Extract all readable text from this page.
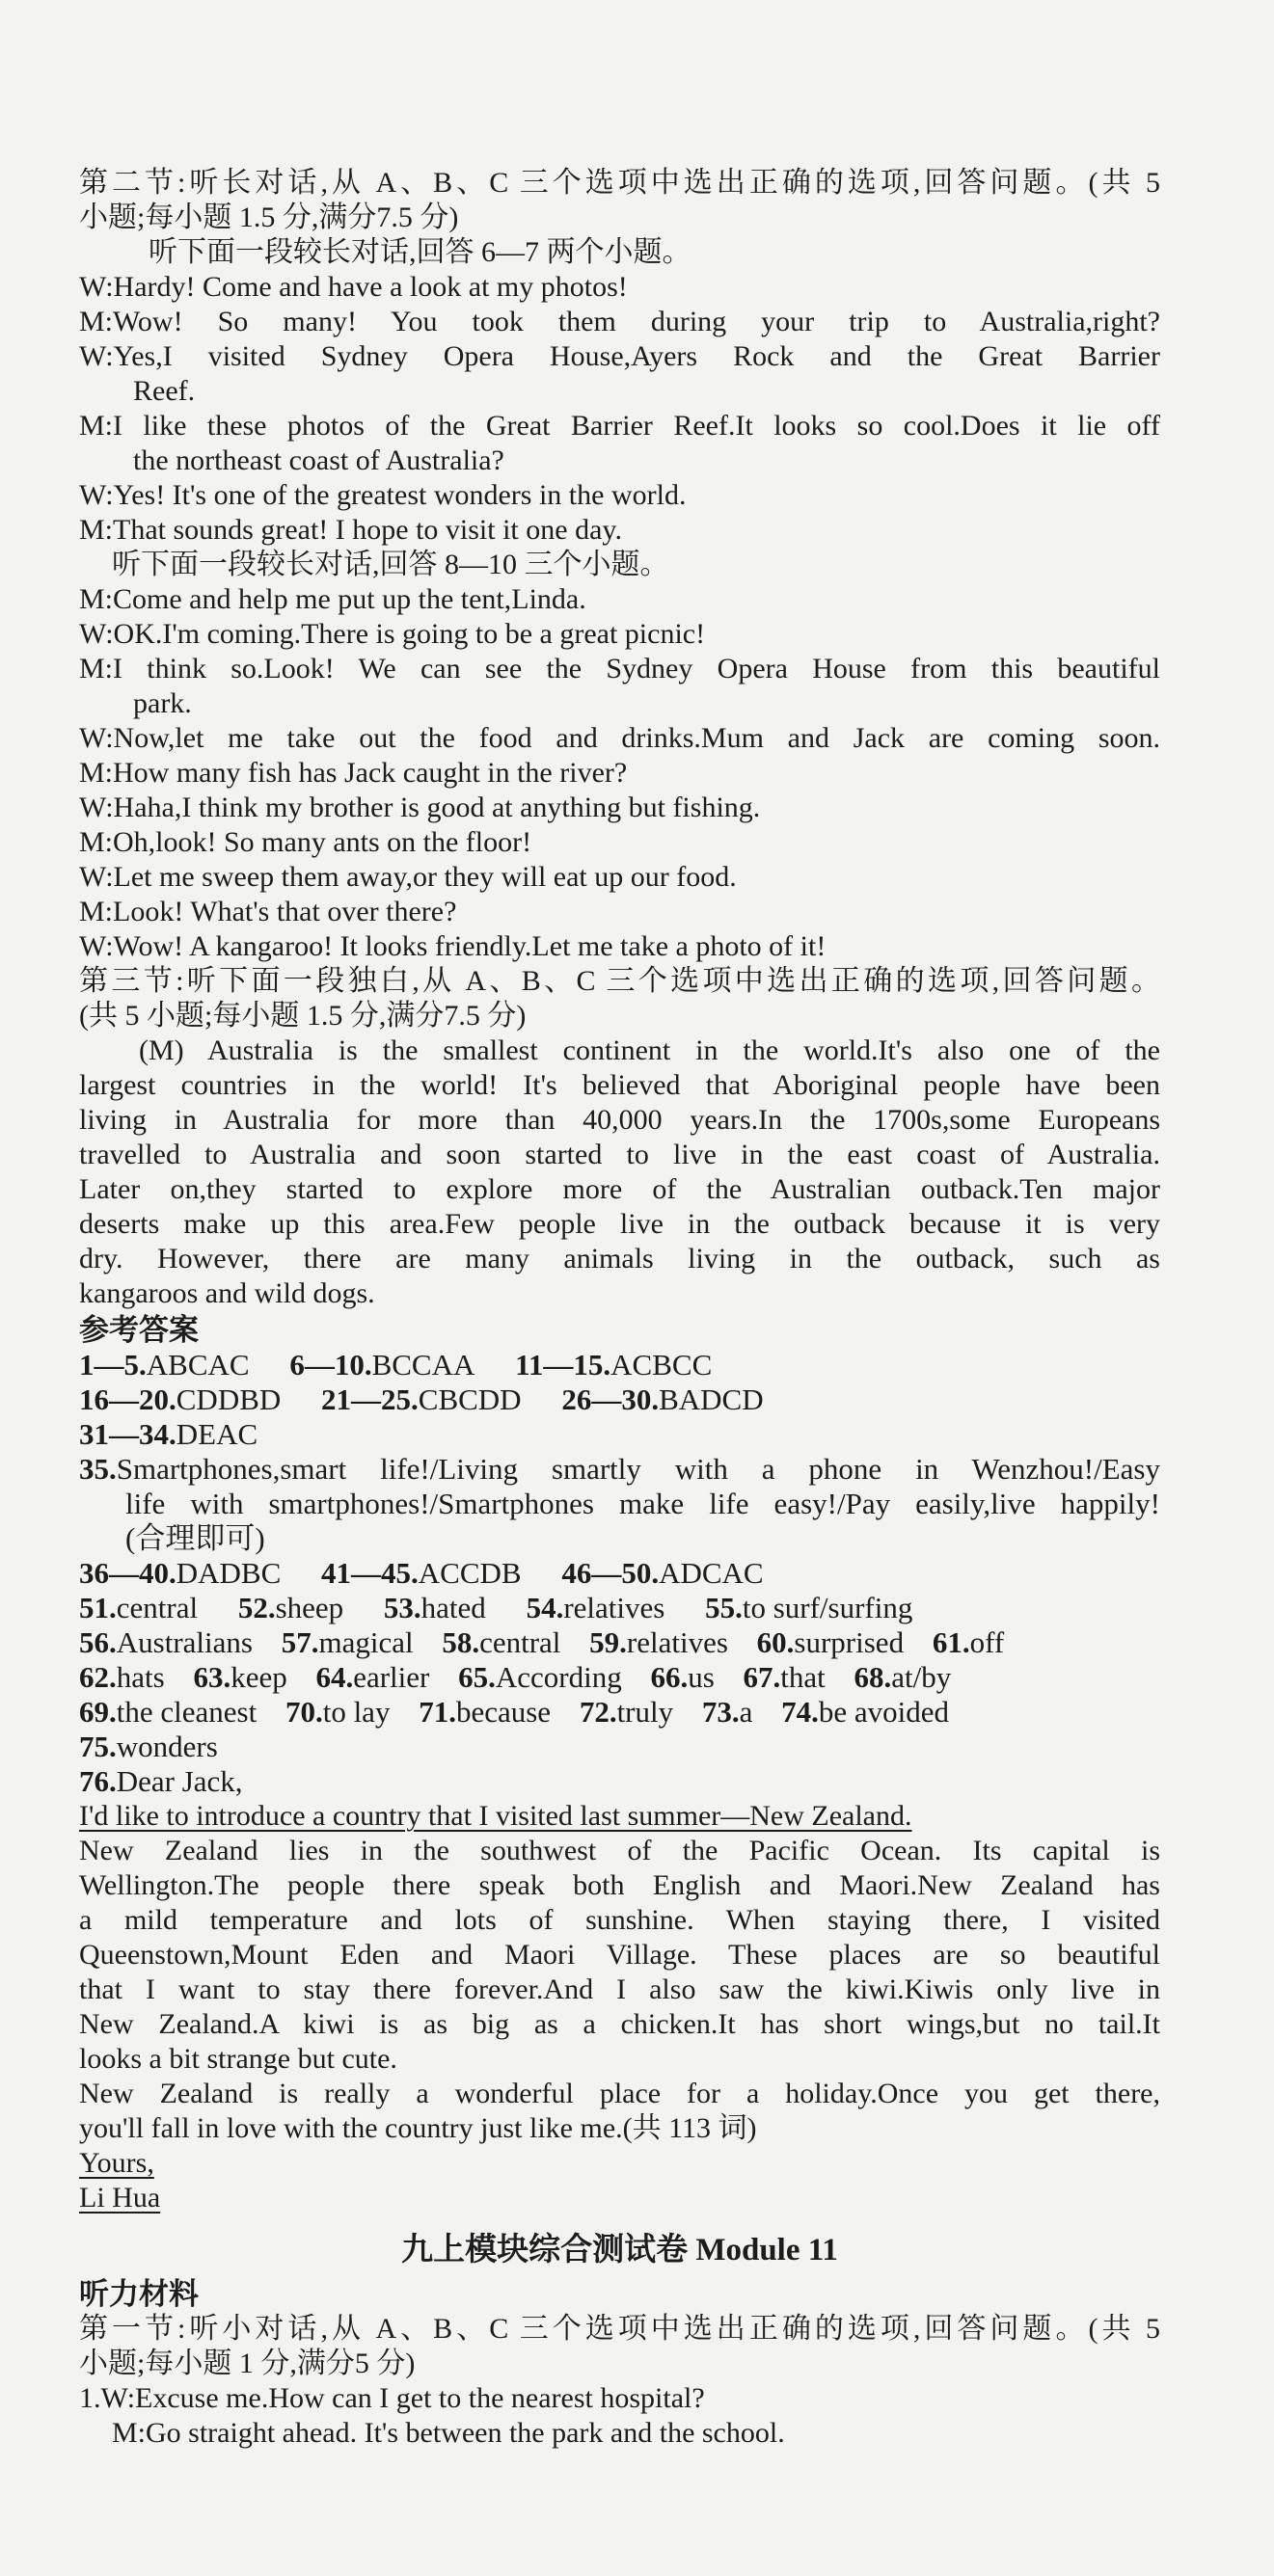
第二节:听长对话,从 A、B、C 三个选项中选出正确的选项,回答问题。(共 5
小题;每小题 1.5 分,满分7.5 分)
听下面一段较长对话,回答 6—7 两个小题。
W:Hardy! Come and have a look at my photos!
M:Wow! So many! You took them during your trip to Australia,right?
W:Yes,I visited Sydney Opera House,Ayers Rock and the Great Barrier
Reef.
M:I like these photos of the Great Barrier Reef.It looks so cool.Does it lie off
the northeast coast of Australia?
W:Yes! It's one of the greatest wonders in the world.
M:That sounds great! I hope to visit it one day.
听下面一段较长对话,回答 8—10 三个小题。
M:Come and help me put up the tent,Linda.
W:OK.I'm coming.There is going to be a great picnic!
M:I think so.Look! We can see the Sydney Opera House from this beautiful
park.
W:Now,let me take out the food and drinks.Mum and Jack are coming soon.
M:How many fish has Jack caught in the river?
W:Haha,I think my brother is good at anything but fishing.
M:Oh,look! So many ants on the floor!
W:Let me sweep them away,or they will eat up our food.
M:Look! What's that over there?
W:Wow! A kangaroo! It looks friendly.Let me take a photo of it!
第三节:听下面一段独白,从 A、B、C 三个选项中选出正确的选项,回答问题。
(共 5 小题;每小题 1.5 分,满分7.5 分)
(M) Australia is the smallest continent in the world.It's also one of the
largest countries in the world! It's believed that Aboriginal people have been
living in Australia for more than 40,000 years.In the 1700s,some Europeans
travelled to Australia and soon started to live in the east coast of Australia.
Later on,they started to explore more of the Australian outback.Ten major
deserts make up this area.Few people live in the outback because it is very
dry. However, there are many animals living in the outback, such as
kangaroos and wild dogs.
参考答案
1—5.ABCAC 6—10.BCCAA 11—15.ACBCC
16—20.CDDBD 21—25.CBCDD 26—30.BADCD
31—34.DEAC
35.Smartphones,smart life!/Living smartly with a phone in Wenzhou!/Easy
life with smartphones!/Smartphones make life easy!/Pay easily,live happily!
(合理即可)
36—40.DADBC 41—45.ACCDB 46—50.ADCAC
51.central 52.sheep 53.hated 54.relatives 55.to surf/surfing
56.Australians 57.magical 58.central 59.relatives 60.surprised 61.off
62.hats 63.keep 64.earlier 65.According 66.us 67.that 68.at/by
69.the cleanest 70.to lay 71.because 72.truly 73.a 74.be avoided
75.wonders
76.Dear Jack,
I'd like to introduce a country that I visited last summer—New Zealand.
New Zealand lies in the southwest of the Pacific Ocean. Its capital is
Wellington.The people there speak both English and Maori.New Zealand has
a mild temperature and lots of sunshine. When staying there, I visited
Queenstown,Mount Eden and Maori Village. These places are so beautiful
that I want to stay there forever.And I also saw the kiwi.Kiwis only live in
New Zealand.A kiwi is as big as a chicken.It has short wings,but no tail.It
looks a bit strange but cute.
New Zealand is really a wonderful place for a holiday.Once you get there,
you'll fall in love with the country just like me.(共 113 词)
Yours,
Li Hua
九上模块综合测试卷 Module 11
听力材料
第一节:听小对话,从 A、B、C 三个选项中选出正确的选项,回答问题。(共 5
小题;每小题 1 分,满分5 分)
1.W:Excuse me.How can I get to the nearest hospital?
M:Go straight ahead. It's between the park and the school.
